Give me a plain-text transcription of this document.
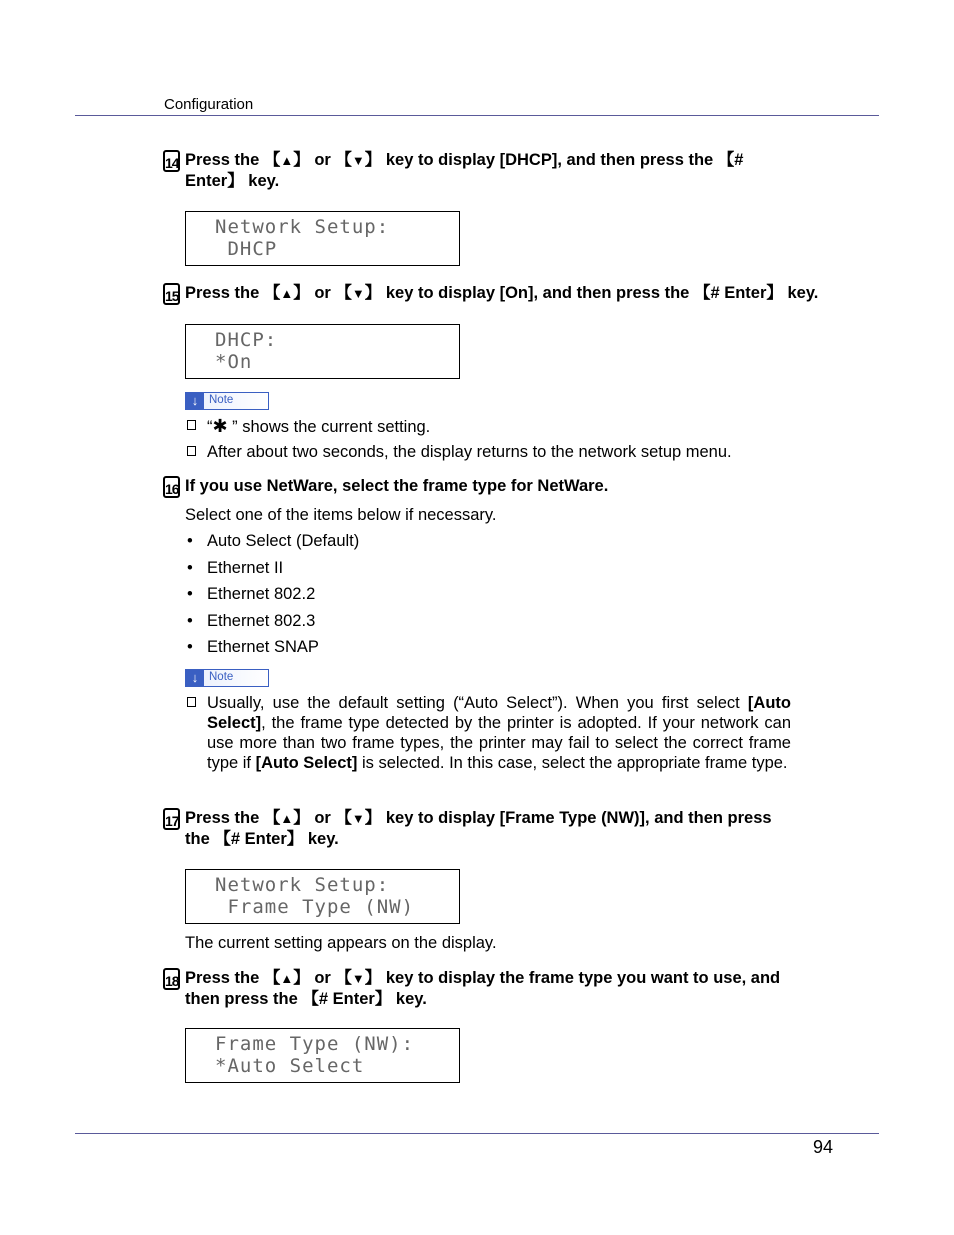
Configuration
14 Press the 【▲】 or 【▼】 key to display [DHCP], and then press the 【# Enter】 key.
Network Setup:
DHCP
15 Press the 【▲】 or 【▼】 key to display [On], and then press the 【# Enter】 key.
DHCP:
*On
↓ Note
“✱ ” shows the current setting.
After about two seconds, the display returns to the network setup menu.
16 If you use NetWare, select the frame type for NetWare.
Select one of the items below if necessary.
• Auto Select (Default)
• Ethernet II
• Ethernet 802.2
• Ethernet 802.3
• Ethernet SNAP
↓ Note
Usually, use the default setting (“Auto Select”). When you first select [Auto Select], the frame type detected by the printer is adopted. If your network can use more than two frame types, the printer may fail to select the correct frame type if [Auto Select] is selected. In this case, select the appropriate frame type.
17 Press the 【▲】 or 【▼】 key to display [Frame Type (NW)], and then press the 【# Enter】 key.
Network Setup:
Frame Type (NW)
The current setting appears on the display.
18 Press the 【▲】 or 【▼】 key to display the frame type you want to use, and then press the 【# Enter】 key.
Frame Type (NW):
*Auto Select
94
